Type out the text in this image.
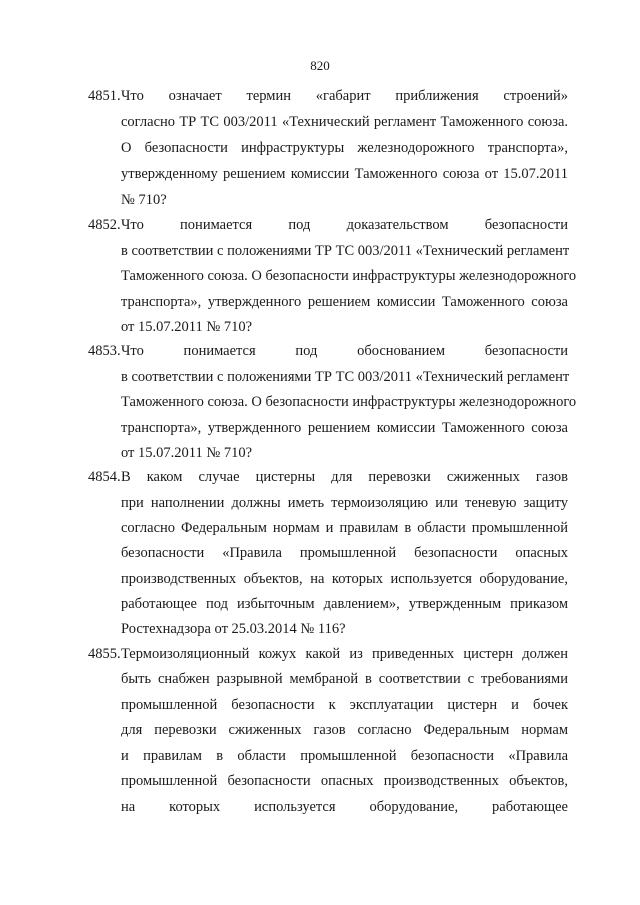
820
4851. Что означает термин «габарит приближения строений»
согласно ТР ТС 003/2011 «Технический регламент Таможенного союза.
О безопасности инфраструктуры железнодорожного транспорта»,
утвержденному решением комиссии Таможенного союза от 15.07.2011
№ 710?
4852. Что понимается под доказательством безопасности
в соответствии с положениями ТР ТС 003/2011 «Технический регламент
Таможенного союза. О безопасности инфраструктуры железнодорожного
транспорта», утвержденного решением комиссии Таможенного союза
от 15.07.2011 № 710?
4853. Что понимается под обоснованием безопасности
в соответствии с положениями ТР ТС 003/2011 «Технический регламент
Таможенного союза. О безопасности инфраструктуры железнодорожного
транспорта», утвержденного решением комиссии Таможенного союза
от 15.07.2011 № 710?
4854. В каком случае цистерны для перевозки сжиженных газов
при наполнении должны иметь термоизоляцию или теневую защиту
согласно Федеральным нормам и правилам в области промышленной
безопасности «Правила промышленной безопасности опасных
производственных объектов, на которых используется оборудование,
работающее под избыточным давлением», утвержденным приказом
Ростехнадзора от 25.03.2014 № 116?
4855. Термоизоляционный кожух какой из приведенных цистерн должен
быть снабжен разрывной мембраной в соответствии с требованиями
промышленной безопасности к эксплуатации цистерн и бочек
для перевозки сжиженных газов согласно Федеральным нормам
и правилам в области промышленной безопасности «Правила
промышленной безопасности опасных производственных объектов,
на которых используется оборудование, работающее
